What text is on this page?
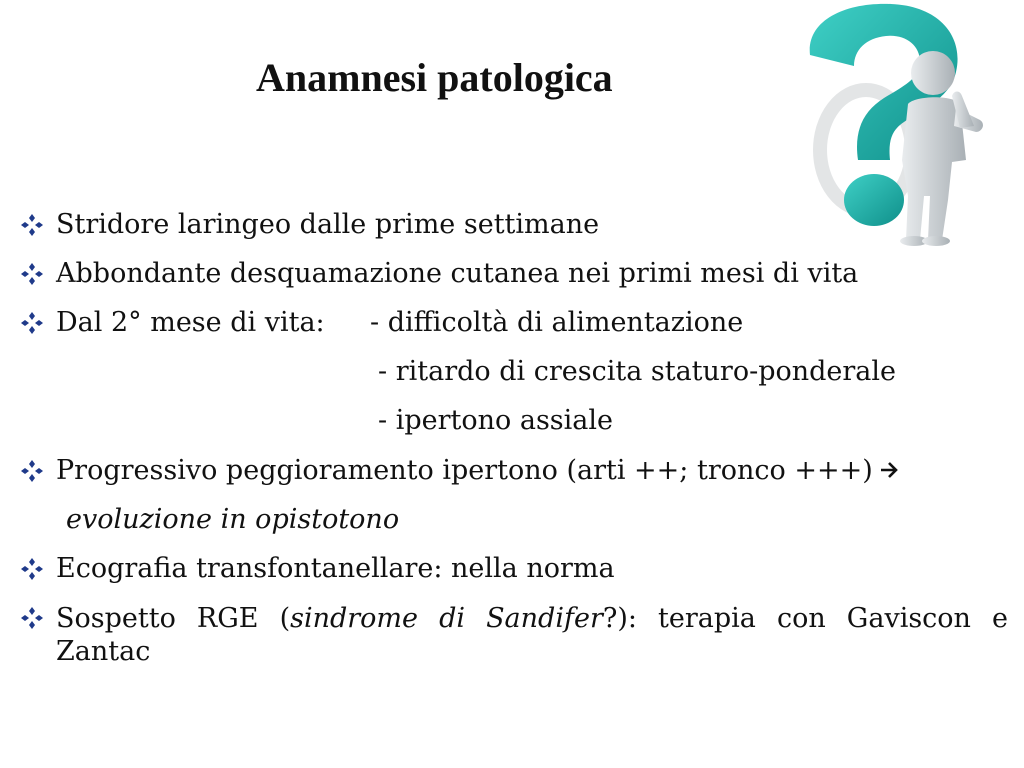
Anamnesi patologica
Stridore laringeo dalle prime settimane
Abbondante desquamazione cutanea nei primi mesi di vita
Dal 2° mese di vita: - difficoltà di alimentazione
- ritardo di crescita staturo-ponderale
- ipertono assiale
Progressivo peggioramento ipertono (arti ++; tronco +++)
evoluzione in opistotono
Ecografia transfontanellare: nella norma
Sospetto RGE (sindrome di Sandifer?): terapia con Gaviscon e Zantac
